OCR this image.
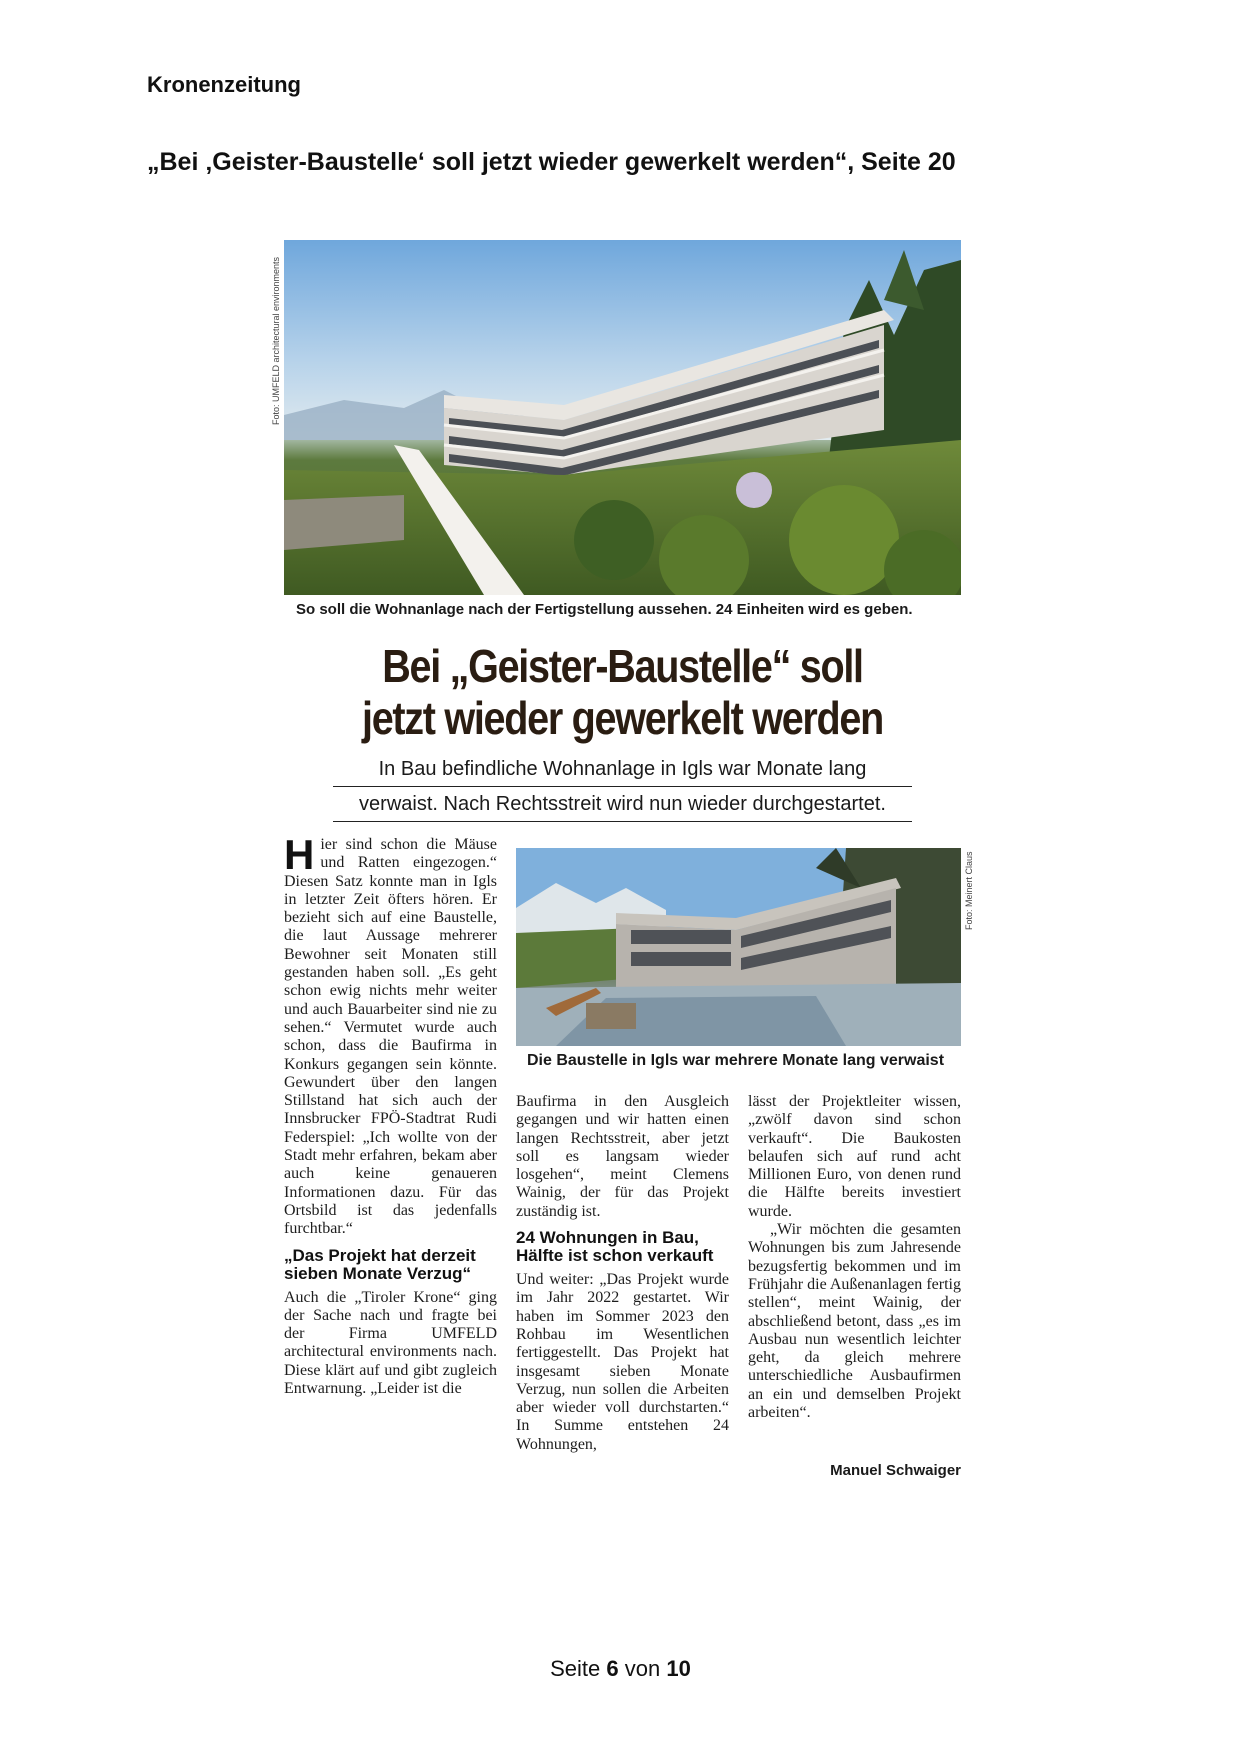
Kronenzeitung
„Bei ‚Geister-Baustelle‘ soll jetzt wieder gewerkelt werden“, Seite 20
Foto: UMFELD architectural environments
So soll die Wohnanlage nach der Fertigstellung aussehen. 24 Einheiten wird es geben.
Bei „Geister-Baustelle“ soll
jetzt wieder gewerkelt werden
In Bau befindliche Wohnanlage in Igls war Monate lang
verwaist. Nach Rechtsstreit wird nun wieder durchgestartet.

Hier sind schon die Mäuse und Ratten eingezogen.“ Diesen Satz konnte man in Igls in letzter Zeit öfters hören. Er bezieht sich auf eine Baustelle, die laut Aussage mehrerer Bewohner seit Monaten still gestanden haben soll. „Es geht schon ewig nichts mehr weiter und auch Bauarbeiter sind nie zu sehen.“ Vermutet wurde auch schon, dass die Baufirma in Konkurs gegangen sein könnte. Gewundert über den langen Stillstand hat sich auch der Innsbrucker FPÖ-Stadtrat Rudi Federspiel: „Ich wollte von der Stadt mehr erfahren, bekam aber auch keine genaueren Informationen dazu. Für das Ortsbild ist das jedenfalls furchtbar.“

„Das Projekt hat derzeit sieben Monate Verzug“

Auch die „Tiroler Krone“ ging der Sache nach und fragte bei der Firma UMFELD architectural environments nach. Diese klärt auf und gibt zugleich Entwarnung. „Leider ist die

Foto: Meinert Claus
Die Baustelle in Igls war mehrere Monate lang verwaist

Baufirma in den Ausgleich gegangen und wir hatten einen langen Rechtsstreit, aber jetzt soll es langsam wieder losgehen“, meint Clemens Wainig, der für das Projekt zuständig ist.

24 Wohnungen in Bau, Hälfte ist schon verkauft

Und weiter: „Das Projekt wurde im Jahr 2022 gestartet. Wir haben im Sommer 2023 den Rohbau im Wesentlichen fertiggestellt. Das Projekt hat insgesamt sieben Monate Verzug, nun sollen die Arbeiten aber wieder voll durchstarten.“ In Summe entstehen 24 Wohnungen,

lässt der Projektleiter wissen, „zwölf davon sind schon verkauft“. Die Baukosten belaufen sich auf rund acht Millionen Euro, von denen rund die Hälfte bereits investiert wurde.

„Wir möchten die gesamten Wohnungen bis zum Jahresende bezugsfertig bekommen und im Frühjahr die Außenanlagen fertig stellen“, meint Wainig, der abschließend betont, dass „es im Ausbau nun wesentlich leichter geht, da gleich mehrere unterschiedliche Ausbaufirmen an ein und demselben Projekt arbeiten“.

Manuel Schwaiger
Seite 6 von 10
